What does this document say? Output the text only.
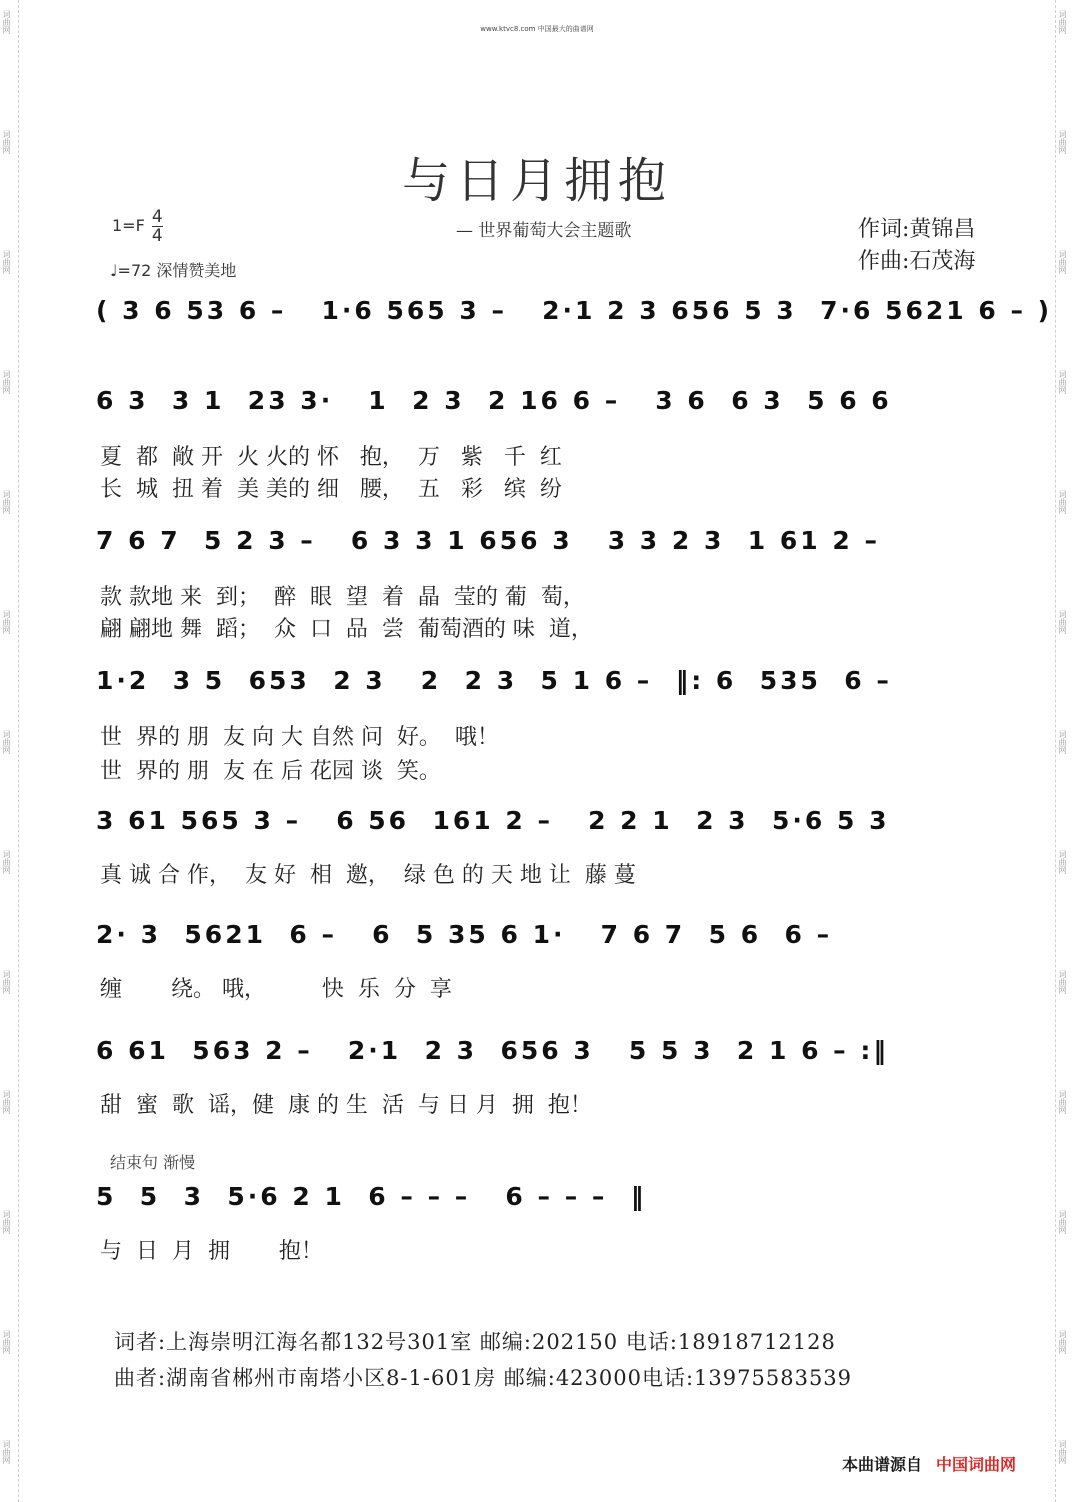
词曲网
词曲网
词曲网
词曲网
词曲网
词曲网
词曲网
词曲网
词曲网
词曲网
词曲网
词曲网
词曲网
词曲网
词曲网
词曲网
词曲网
词曲网
词曲网
词曲网
词曲网
词曲网
词曲网
词曲网
词曲网
词曲网
www.ktvc8.com 中国最大的曲谱网
与日月拥抱
— 世界葡萄大会主题歌	作词:黄锦昌
作曲:石茂海
$1=F \frac{4}{4}$
♩=72 深情赞美地
( 3 6 53 6 –   1·6 565 3 –   2·1 2 3 656 5 3  7·6 5621 6 – )
6 3  3 1  23 3·   1  2 3  2 16 6 –   3 6  6 3  5 6 6
夏  都  敞 开  火 火的 怀   抱，  万   紫   千  红
长  城  扭 着  美 美的 细   腰，  五   彩   缤  纷
7 6 7  5 2 3 –   6 3 3 1 656 3   3 3 2 3  1 61 2 –
款 款地 来  到；  醉  眼  望  着  晶  莹的 葡  萄，
翩 翩地 舞  蹈；  众  口  品  尝  葡萄酒的 味  道，
1·2  3 5  653  2 3   2  2 3  5 1 6 –  ‖: 6  535  6 –
世  界的 朋  友 向 大 自然 问  好。  哦！
世  界的 朋  友 在 后 花园 谈  笑。
3 61 565 3 –   6 56  161 2 –   2 2 1  2 3  5·6 5 3
真 诚 合 作，  友 好  相  邀，  绿 色 的 天 地 让  藤 蔓
2· 3  5621  6 –   6  5 35 6 1·   7 6 7  5 6  6 –
缠       绕。 哦，        快  乐  分  享
6 61  563 2 –   2·1  2 3  656 3   5 5 3  2 1 6 – :‖
甜  蜜  歌  谣，健  康 的 生  活  与 日 月  拥  抱！
结束句 渐慢
5  5  3  5·6 2 1  6 – – –   6 – – –  ‖
与  日  月  拥       抱！
词者:上海崇明江海名都132号301室 邮编:202150 电话:18918712128
曲者:湖南省郴州市南塔小区8-1-601房 邮编:423000电话:13975583539
本曲谱源自 中国词曲网
